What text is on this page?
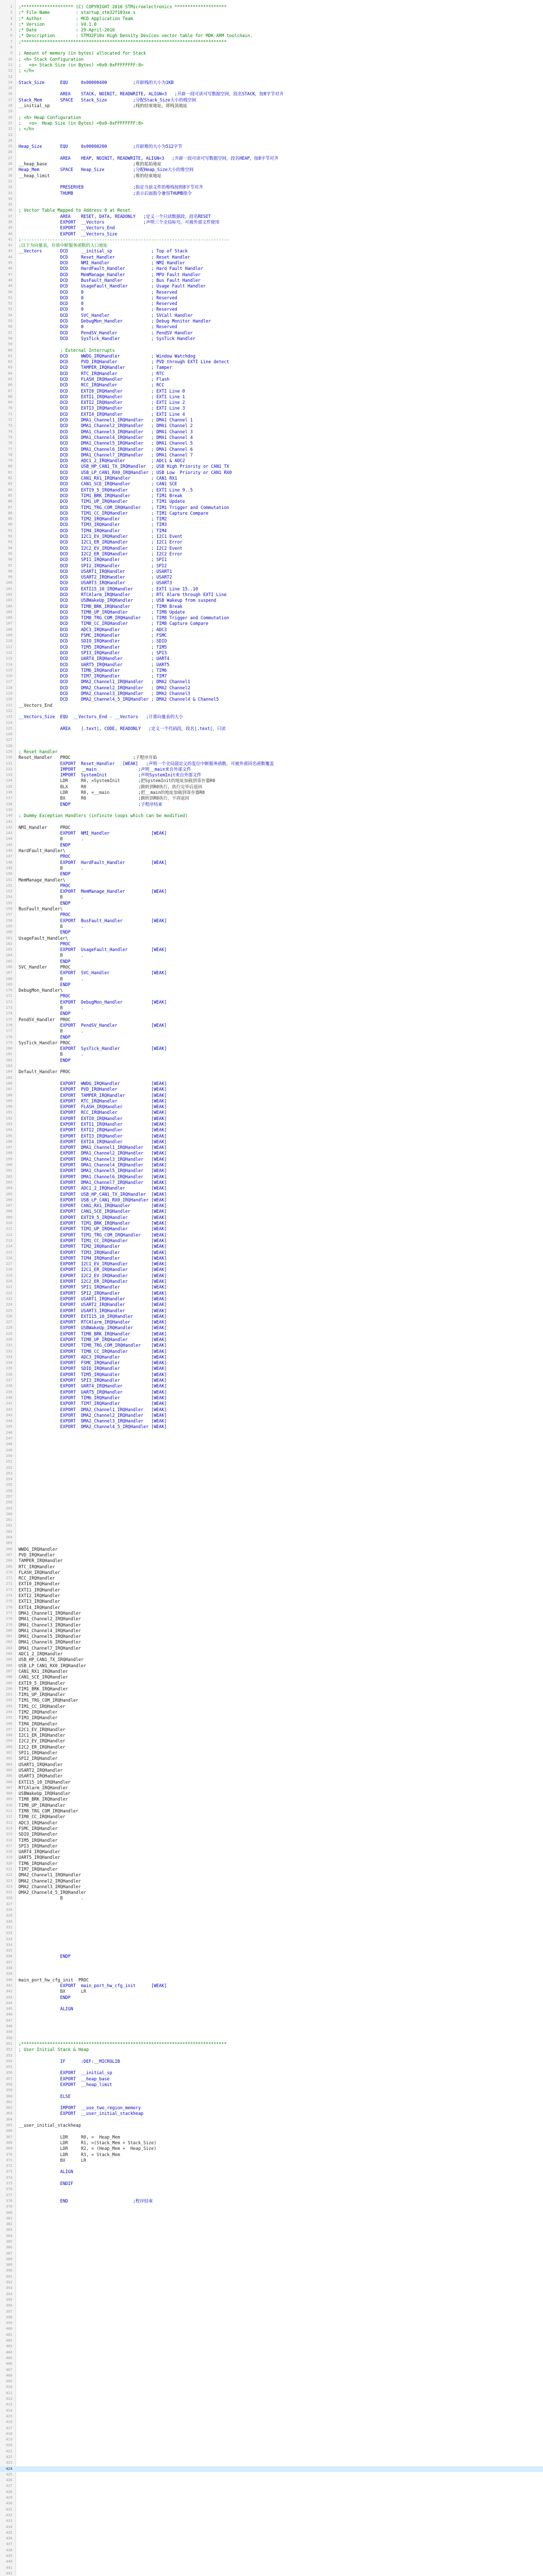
1 ;******************** (C) COPYRIGHT 2016 STMicroelectronics ********************
2 ;* File Name          : startup_stm32f103xe.s
3 ;* Author             : MCD Application Team
4 ;* Version            : V4.1.0
5 ;* Date               : 29-April-2016
6 ;* Description        : STM32F10x High Density Devices vector table for MDK-ARM toolchain.
7 ;*******************************************************************************
8
9 ; Amount of memory (in bytes) allocated for Stack
10 ; <h> Stack Configuration
11 ;   <o> Stack Size (in Bytes) <0x0-0xFFFFFFFF:8>
12 ; </h>
13
14 Stack_Size      EQU     0x00000400          ;开辟栈的大小为1KB
15
16 AREA    STACK, NOINIT, READWRITE, ALIGN=3   ;开辟一段可读可写数据空间，段名STACK，按8字节对齐
17 Stack_Mem       SPACE   Stack_Size          ;分配Stack_Size大小的栈空间
18 __initial_sp                                ;栈的结束地址，即栈顶地址
19
20 ; <h> Heap Configuration
21 ;   <o>  Heap Size (in Bytes) <0x0-0xFFFFFFFF:8>
22 ; </h>
23
24
25 Heap_Size       EQU     0x00000200          ;开辟堆的大小为512字节
26
27 AREA    HEAP, NOINIT, READWRITE, ALIGN=3   ;开辟一段可读可写数据空间，段名HEAP，按8字节对齐
28 __heap_base                                 ;堆的起始地址
29 Heap_Mem        SPACE   Heap_Size           ;分配Heap_Size大小的堆空间
30 __heap_limit                                ;堆的结束地址
31
32 PRESERVE8                   ;指定当前文件的堆栈按照8字节对齐
33 THUMB                       ;表示后面指令兼容THUMB指令
34
35
36 ; Vector Table Mapped to Address 0 at Reset
37 AREA    RESET, DATA, READONLY   ;定义一个只读数据段，段名RESET
38 EXPORT  __Vectors               ;声明三个全局标号，可被外部文件使用
39 EXPORT  __Vectors_End
40 EXPORT  __Vectors_Size
41 ;--------------------------------------------------------------------------------
42 ;以下为向量表，存放中断服务函数的入口地址
43 __Vectors       DCD     __initial_sp               ; Top of Stack
44 DCD     Reset_Handler              ; Reset Handler
45 DCD     NMI_Handler                ; NMI Handler
46 DCD     HardFault_Handler          ; Hard Fault Handler
47 DCD     MemManage_Handler          ; MPU Fault Handler
48 DCD     BusFault_Handler           ; Bus Fault Handler
49 DCD     UsageFault_Handler         ; Usage Fault Handler
50 DCD     0                          ; Reserved
51 DCD     0                          ; Reserved
52 DCD     0                          ; Reserved
53 DCD     0                          ; Reserved
54 DCD     SVC_Handler                ; SVCall Handler
55 DCD     DebugMon_Handler           ; Debug Monitor Handler
56 DCD     0                          ; Reserved
57 DCD     PendSV_Handler             ; PendSV Handler
58 DCD     SysTick_Handler            ; SysTick Handler
59
60 ; External Interrupts
61 DCD     WWDG_IRQHandler            ; Window Watchdog
62 DCD     PVD_IRQHandler             ; PVD through EXTI Line detect
63 DCD     TAMPER_IRQHandler          ; Tamper
64 DCD     RTC_IRQHandler             ; RTC
65 DCD     FLASH_IRQHandler           ; Flash
66 DCD     RCC_IRQHandler             ; RCC
67 DCD     EXTI0_IRQHandler           ; EXTI Line 0
68 DCD     EXTI1_IRQHandler           ; EXTI Line 1
69 DCD     EXTI2_IRQHandler           ; EXTI Line 2
70 DCD     EXTI3_IRQHandler           ; EXTI Line 3
71 DCD     EXTI4_IRQHandler           ; EXTI Line 4
72 DCD     DMA1_Channel1_IRQHandler   ; DMA1 Channel 1
73 DCD     DMA1_Channel2_IRQHandler   ; DMA1 Channel 2
74 DCD     DMA1_Channel3_IRQHandler   ; DMA1 Channel 3
75 DCD     DMA1_Channel4_IRQHandler   ; DMA1 Channel 4
76 DCD     DMA1_Channel5_IRQHandler   ; DMA1 Channel 5
77 DCD     DMA1_Channel6_IRQHandler   ; DMA1 Channel 6
78 DCD     DMA1_Channel7_IRQHandler   ; DMA1 Channel 7
79 DCD     ADC1_2_IRQHandler          ; ADC1 & ADC2
80 DCD     USB_HP_CAN1_TX_IRQHandler  ; USB High Priority or CAN1 TX
81 DCD     USB_LP_CAN1_RX0_IRQHandler ; USB Low  Priority or CAN1 RX0
82 DCD     CAN1_RX1_IRQHandler        ; CAN1 RX1
83 DCD     CAN1_SCE_IRQHandler        ; CAN1 SCE
84 DCD     EXTI9_5_IRQHandler         ; EXTI Line 9..5
85 DCD     TIM1_BRK_IRQHandler        ; TIM1 Break
86 DCD     TIM1_UP_IRQHandler         ; TIM1 Update
87 DCD     TIM1_TRG_COM_IRQHandler    ; TIM1 Trigger and Commutation
88 DCD     TIM1_CC_IRQHandler         ; TIM1 Capture Compare
89 DCD     TIM2_IRQHandler            ; TIM2
90 DCD     TIM3_IRQHandler            ; TIM3
91 DCD     TIM4_IRQHandler            ; TIM4
92 DCD     I2C1_EV_IRQHandler         ; I2C1 Event
93 DCD     I2C1_ER_IRQHandler         ; I2C1 Error
94 DCD     I2C2_EV_IRQHandler         ; I2C2 Event
95 DCD     I2C2_ER_IRQHandler         ; I2C2 Error
96 DCD     SPI1_IRQHandler            ; SPI1
97 DCD     SPI2_IRQHandler            ; SPI2
98 DCD     USART1_IRQHandler          ; USART1
99 DCD     USART2_IRQHandler          ; USART2
100 DCD     USART3_IRQHandler          ; USART3
101 DCD     EXTI15_10_IRQHandler       ; EXTI Line 15..10
102 DCD     RTCAlarm_IRQHandler        ; RTC Alarm through EXTI Line
103 DCD     USBWakeUp_IRQHandler       ; USB Wakeup from suspend
104 DCD     TIM8_BRK_IRQHandler        ; TIM8 Break
105 DCD     TIM8_UP_IRQHandler         ; TIM8 Update
106 DCD     TIM8_TRG_COM_IRQHandler    ; TIM8 Trigger and Commutation
107 DCD     TIM8_CC_IRQHandler         ; TIM8 Capture Compare
108 DCD     ADC3_IRQHandler            ; ADC3
109 DCD     FSMC_IRQHandler            ; FSMC
110 DCD     SDIO_IRQHandler            ; SDIO
111 DCD     TIM5_IRQHandler            ; TIM5
112 DCD     SPI3_IRQHandler            ; SPI3
113 DCD     UART4_IRQHandler           ; UART4
114 DCD     UART5_IRQHandler           ; UART5
115 DCD     TIM6_IRQHandler            ; TIM6
116 DCD     TIM7_IRQHandler            ; TIM7
117 DCD     DMA2_Channel1_IRQHandler   ; DMA2 Channel1
118 DCD     DMA2_Channel2_IRQHandler   ; DMA2 Channel2
119 DCD     DMA2_Channel3_IRQHandler   ; DMA2 Channel3
120 DCD     DMA2_Channel4_5_IRQHandler ; DMA2 Channel4 & Channel5
121 __Vectors_End
122
123 __Vectors_Size  EQU  __Vectors_End - __Vectors   ;计算向量表的大小
124
125 AREA    |.text|, CODE, READONLY   ;定义一个代码段，段名|.text|，只读
126
127
128
129 ; Reset handler
130 Reset_Handler   PROC                        ;子程序开始
131 EXPORT  Reset_Handler   [WEAK]   ;声明一个全局弱定义的复位中断服务函数，可被外部同名函数覆盖
132 IMPORT  __main                ;声明__main来自外部文件
133 IMPORT  SystemInit            ;声明SystemInit来自外部文件
134 LDR     R0, =SystemInit       ;把SystemInit的地址加载到寄存器R0
135 BLX     R0                    ;跳转到R0执行，执行完毕后返回
136 LDR     R0, =__main           ;把__main的地址加载到寄存器R0
137 BX      R0                    ;跳转到R0执行，不再返回
138 ENDP                          ;子程序结束
139
140 ; Dummy Exception Handlers (infinite loops which can be modified)
141
142 NMI_Handler     PROC
143 EXPORT  NMI_Handler                [WEAK]
144 B       .
145 ENDP
146 HardFault_Handler\
147 PROC
148 EXPORT  HardFault_Handler          [WEAK]
149 B       .
150 ENDP
151 MemManage_Handler\
152 PROC
153 EXPORT  MemManage_Handler          [WEAK]
154 B       .
155 ENDP
156 BusFault_Handler\
157 PROC
158 EXPORT  BusFault_Handler           [WEAK]
159 B       .
160 ENDP
161 UsageFault_Handler\
162 PROC
163 EXPORT  UsageFault_Handler         [WEAK]
164 B       .
165 ENDP
166 SVC_Handler     PROC
167 EXPORT  SVC_Handler                [WEAK]
168 B       .
169 ENDP
170 DebugMon_Handler\
171 PROC
172 EXPORT  DebugMon_Handler           [WEAK]
173 B       .
174 ENDP
175 PendSV_Handler  PROC
176 EXPORT  PendSV_Handler             [WEAK]
177 B       .
178 ENDP
179 SysTick_Handler PROC
180 EXPORT  SysTick_Handler            [WEAK]
181 B       .
182 ENDP
183
184 Default_Handler PROC
185
186 EXPORT  WWDG_IRQHandler            [WEAK]
187 EXPORT  PVD_IRQHandler             [WEAK]
188 EXPORT  TAMPER_IRQHandler          [WEAK]
189 EXPORT  RTC_IRQHandler             [WEAK]
190 EXPORT  FLASH_IRQHandler           [WEAK]
191 EXPORT  RCC_IRQHandler             [WEAK]
192 EXPORT  EXTI0_IRQHandler           [WEAK]
193 EXPORT  EXTI1_IRQHandler           [WEAK]
194 EXPORT  EXTI2_IRQHandler           [WEAK]
195 EXPORT  EXTI3_IRQHandler           [WEAK]
196 EXPORT  EXTI4_IRQHandler           [WEAK]
197 EXPORT  DMA1_Channel1_IRQHandler   [WEAK]
198 EXPORT  DMA1_Channel2_IRQHandler   [WEAK]
199 EXPORT  DMA1_Channel3_IRQHandler   [WEAK]
200 EXPORT  DMA1_Channel4_IRQHandler   [WEAK]
201 EXPORT  DMA1_Channel5_IRQHandler   [WEAK]
202 EXPORT  DMA1_Channel6_IRQHandler   [WEAK]
203 EXPORT  DMA1_Channel7_IRQHandler   [WEAK]
204 EXPORT  ADC1_2_IRQHandler          [WEAK]
205 EXPORT  USB_HP_CAN1_TX_IRQHandler  [WEAK]
206 EXPORT  USB_LP_CAN1_RX0_IRQHandler [WEAK]
207 EXPORT  CAN1_RX1_IRQHandler        [WEAK]
208 EXPORT  CAN1_SCE_IRQHandler        [WEAK]
209 EXPORT  EXTI9_5_IRQHandler         [WEAK]
210 EXPORT  TIM1_BRK_IRQHandler        [WEAK]
211 EXPORT  TIM1_UP_IRQHandler         [WEAK]
212 EXPORT  TIM1_TRG_COM_IRQHandler    [WEAK]
213 EXPORT  TIM1_CC_IRQHandler         [WEAK]
214 EXPORT  TIM2_IRQHandler            [WEAK]
215 EXPORT  TIM3_IRQHandler            [WEAK]
216 EXPORT  TIM4_IRQHandler            [WEAK]
217 EXPORT  I2C1_EV_IRQHandler         [WEAK]
218 EXPORT  I2C1_ER_IRQHandler         [WEAK]
219 EXPORT  I2C2_EV_IRQHandler         [WEAK]
220 EXPORT  I2C2_ER_IRQHandler         [WEAK]
221 EXPORT  SPI1_IRQHandler            [WEAK]
222 EXPORT  SPI2_IRQHandler            [WEAK]
223 EXPORT  USART1_IRQHandler          [WEAK]
224 EXPORT  USART2_IRQHandler          [WEAK]
225 EXPORT  USART3_IRQHandler          [WEAK]
226 EXPORT  EXTI15_10_IRQHandler       [WEAK]
227 EXPORT  RTCAlarm_IRQHandler        [WEAK]
228 EXPORT  USBWakeUp_IRQHandler       [WEAK]
229 EXPORT  TIM8_BRK_IRQHandler        [WEAK]
230 EXPORT  TIM8_UP_IRQHandler         [WEAK]
231 EXPORT  TIM8_TRG_COM_IRQHandler    [WEAK]
232 EXPORT  TIM8_CC_IRQHandler         [WEAK]
233 EXPORT  ADC3_IRQHandler            [WEAK]
234 EXPORT  FSMC_IRQHandler            [WEAK]
235 EXPORT  SDIO_IRQHandler            [WEAK]
236 EXPORT  TIM5_IRQHandler            [WEAK]
237 EXPORT  SPI3_IRQHandler            [WEAK]
238 EXPORT  UART4_IRQHandler           [WEAK]
239 EXPORT  UART5_IRQHandler           [WEAK]
240 EXPORT  TIM6_IRQHandler            [WEAK]
241 EXPORT  TIM7_IRQHandler            [WEAK]
242 EXPORT  DMA2_Channel1_IRQHandler   [WEAK]
243 EXPORT  DMA2_Channel2_IRQHandler   [WEAK]
244 EXPORT  DMA2_Channel3_IRQHandler   [WEAK]
245 EXPORT  DMA2_Channel4_5_IRQHandler [WEAK]
246
247
248
249
250
251
252
253
254
255
256
257
258
259
260
261
262
263
264
265
266 WWDG_IRQHandler
267 PVD_IRQHandler
268 TAMPER_IRQHandler
269 RTC_IRQHandler
270 FLASH_IRQHandler
271 RCC_IRQHandler
272 EXTI0_IRQHandler
273 EXTI1_IRQHandler
274 EXTI2_IRQHandler
275 EXTI3_IRQHandler
276 EXTI4_IRQHandler
277 DMA1_Channel1_IRQHandler
278 DMA1_Channel2_IRQHandler
279 DMA1_Channel3_IRQHandler
280 DMA1_Channel4_IRQHandler
281 DMA1_Channel5_IRQHandler
282 DMA1_Channel6_IRQHandler
283 DMA1_Channel7_IRQHandler
284 ADC1_2_IRQHandler
285 USB_HP_CAN1_TX_IRQHandler
286 USB_LP_CAN1_RX0_IRQHandler
287 CAN1_RX1_IRQHandler
288 CAN1_SCE_IRQHandler
289 EXTI9_5_IRQHandler
290 TIM1_BRK_IRQHandler
291 TIM1_UP_IRQHandler
292 TIM1_TRG_COM_IRQHandler
293 TIM1_CC_IRQHandler
294 TIM2_IRQHandler
295 TIM3_IRQHandler
296 TIM4_IRQHandler
297 I2C1_EV_IRQHandler
298 I2C1_ER_IRQHandler
299 I2C2_EV_IRQHandler
300 I2C2_ER_IRQHandler
301 SPI1_IRQHandler
302 SPI2_IRQHandler
303 USART1_IRQHandler
304 USART2_IRQHandler
305 USART3_IRQHandler
306 EXTI15_10_IRQHandler
307 RTCAlarm_IRQHandler
308 USBWakeUp_IRQHandler
309 TIM8_BRK_IRQHandler
310 TIM8_UP_IRQHandler
311 TIM8_TRG_COM_IRQHandler
312 TIM8_CC_IRQHandler
313 ADC3_IRQHandler
314 FSMC_IRQHandler
315 SDIO_IRQHandler
316 TIM5_IRQHandler
317 SPI3_IRQHandler
318 UART4_IRQHandler
319 UART5_IRQHandler
320 TIM6_IRQHandler
321 TIM7_IRQHandler
322 DMA2_Channel1_IRQHandler
323 DMA2_Channel2_IRQHandler
324 DMA2_Channel3_IRQHandler
325 DMA2_Channel4_5_IRQHandler
326 B       .
327
328
329
330
331
332
333
334
335
336 ENDP
337
338
339
340 main_port_hw_cfg_init  PROC
341 EXPORT  main_port_hw_cfg_init      [WEAK]
342 BX      LR
343 ENDP
344
345 ALIGN
346
347
348
349
350
351 ;*******************************************************************************
352 ; User Initial Stack & Heap
353
354 IF      :DEF:__MICROLIB
355
356 EXPORT  __initial_sp
357 EXPORT  __heap_base
358 EXPORT  __heap_limit
359
360 ELSE
361
362 IMPORT  __use_two_region_memory
363 EXPORT  __user_initial_stackheap
364
365 __user_initial_stackheap
366
367 LDR     R0, =  Heap_Mem
368 LDR     R1, =(Stack_Mem + Stack_Size)
369 LDR     R2, = (Heap_Mem +  Heap_Size)
370 LDR     R3, = Stack_Mem
371 BX      LR
372
373 ALIGN
374
375 ENDIF
376
377
378 END                         ;程序结束
379
380
381
382
383
384
385
386
387
388
389
390
391
392
393
394
395
396
397
398
399
400
401
402
403
404
405
406
407
408
409
410
411
412
413
414
415
416
417
418
419
420
421
422
423
424
425
426
427
428
429
430
431
432
433
434
435
436
437
438
439
440
441
442
